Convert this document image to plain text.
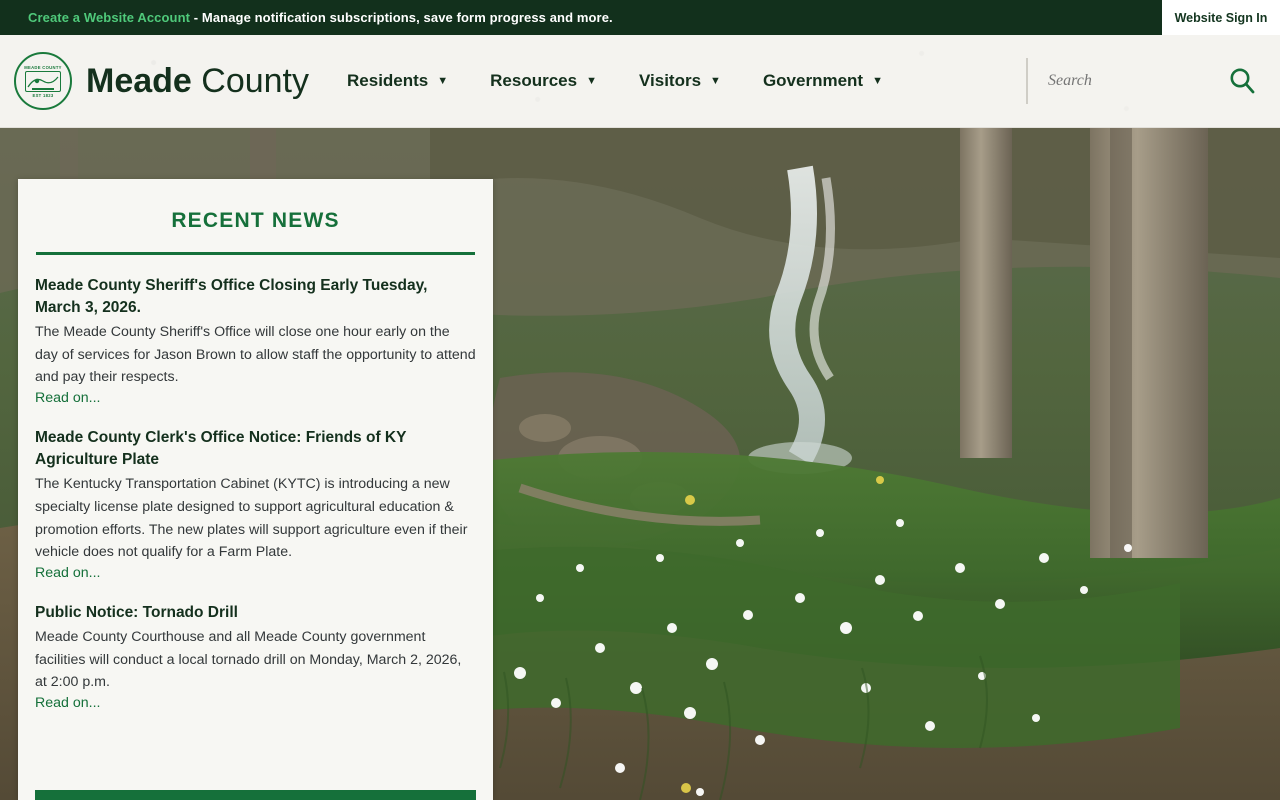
Create a Website Account - Manage notification subscriptions, save form progress and more.	Website Sign In
MEADE COUNTY
EST 1823 Meade County Residents ▼ Resources ▼ Visitors ▼ Government ▼
Search
RECENT NEWS
Meade County Sheriff's Office Closing Early Tuesday, March 3, 2026.

The Meade County Sheriff's Office will close one hour early on the day of services for Jason Brown to allow staff the opportunity to attend and pay their respects.

Read on...
Meade County Clerk's Office Notice: Friends of KY Agriculture Plate

The Kentucky Transportation Cabinet (KYTC) is introducing a new specialty license plate designed to support agricultural education & promotion efforts. The new plates will support agriculture even if their vehicle does not qualify for a Farm Plate.

Read on...
Public Notice: Tornado Drill

Meade County Courthouse and all Meade County government facilities will conduct a local tornado drill on Monday, March 2, 2026, at 2:00 p.m.

Read on...
